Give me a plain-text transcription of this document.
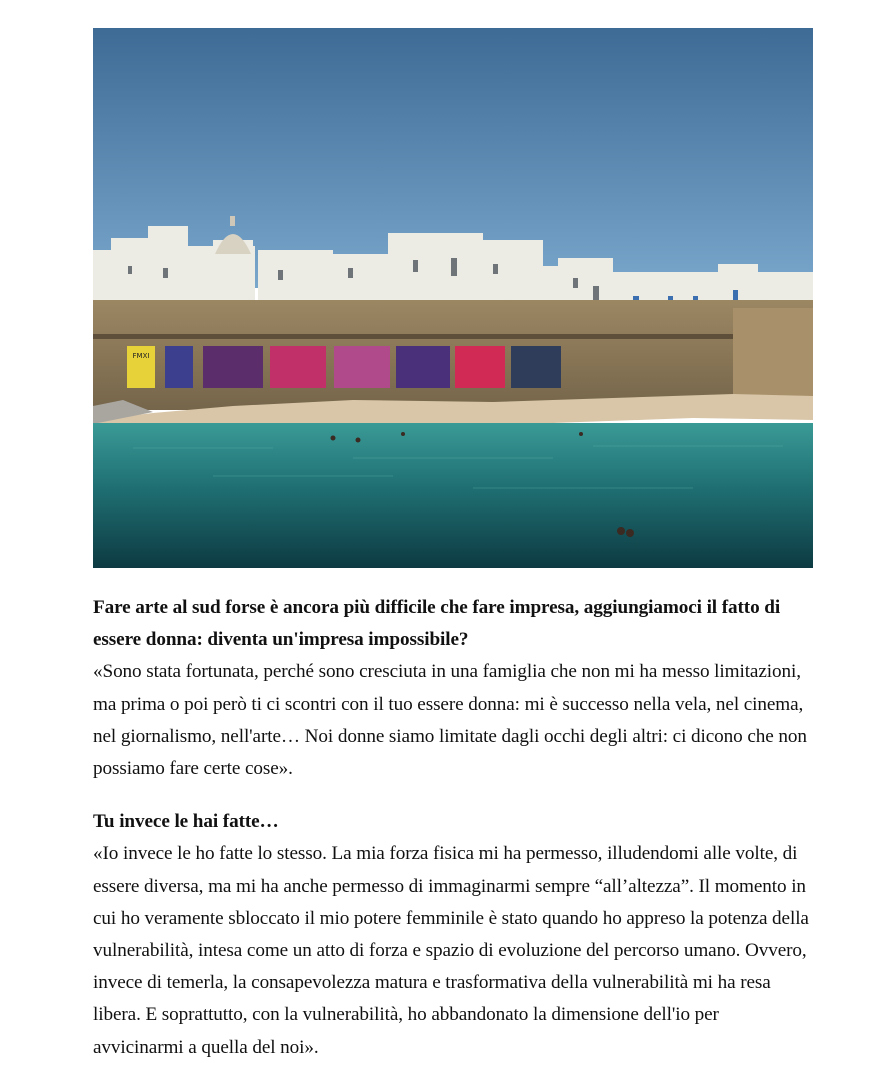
FMXI

Fare arte al sud forse è ancora più difficile che fare impresa, aggiungiamoci il fatto di essere donna: diventa un'impresa impossibile?

«Sono stata fortunata, perché sono cresciuta in una famiglia che non mi ha messo limitazioni, ma prima o poi però ti ci scontri con il tuo essere donna: mi è successo nella vela, nel cinema, nel giornalismo, nell'arte… Noi donne siamo limitate dagli occhi degli altri: ci dicono che non possiamo fare certe cose».

Tu invece le hai fatte…

«Io invece le ho fatte lo stesso. La mia forza fisica mi ha permesso, illudendomi alle volte, di essere diversa, ma mi ha anche permesso di immaginarmi sempre “all’altezza”. Il momento in cui ho veramente sbloccato il mio potere femminile è stato quando ho appreso la potenza della vulnerabilità, intesa come un atto di forza e spazio di evoluzione del percorso umano. Ovvero, invece di temerla, la consapevolezza matura e trasformativa della vulnerabilità mi ha resa libera. E soprattutto, con la vulnerabilità, ho abbandonato la dimensione dell'io per avvicinarmi a quella del noi».
